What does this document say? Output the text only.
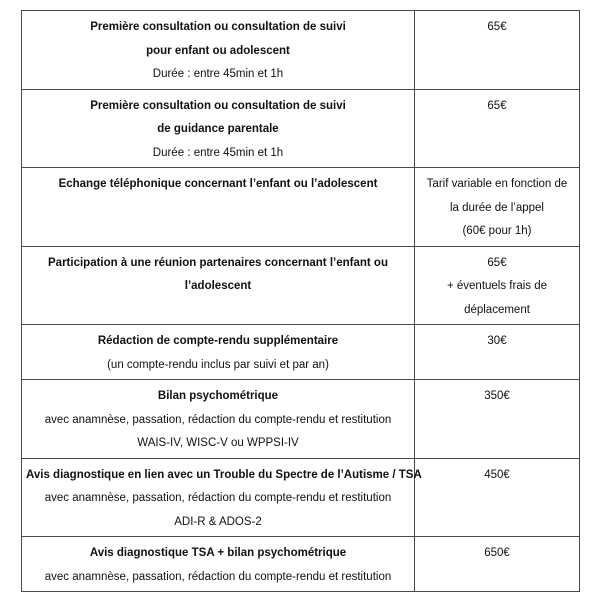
Première consultation ou consultation de suivi
pour enfant ou adolescent
Durée : entre 45min et 1h	65€

Première consultation ou consultation de suivi
de guidance parentale
Durée : entre 45min et 1h	65€

Echange téléphonique concernant l’enfant ou l’adolescent	Tarif variable en fonction de
la durée de l’appel
(60€ pour 1h)

Participation à une réunion partenaires concernant l’enfant ou
l’adolescent	65€
+ éventuels frais de
déplacement

Rédaction de compte-rendu supplémentaire
(un compte-rendu inclus par suivi et par an)	30€

Bilan psychométrique
avec anamnèse, passation, rédaction du compte-rendu et restitution
WAIS-IV, WISC-V ou WPPSI-IV	350€

Avis diagnostique en lien avec un Trouble du Spectre de l’Autisme / TSA
avec anamnèse, passation, rédaction du compte-rendu et restitution
ADI-R & ADOS-2	450€

Avis diagnostique TSA + bilan psychométrique
avec anamnèse, passation, rédaction du compte-rendu et restitution	650€
